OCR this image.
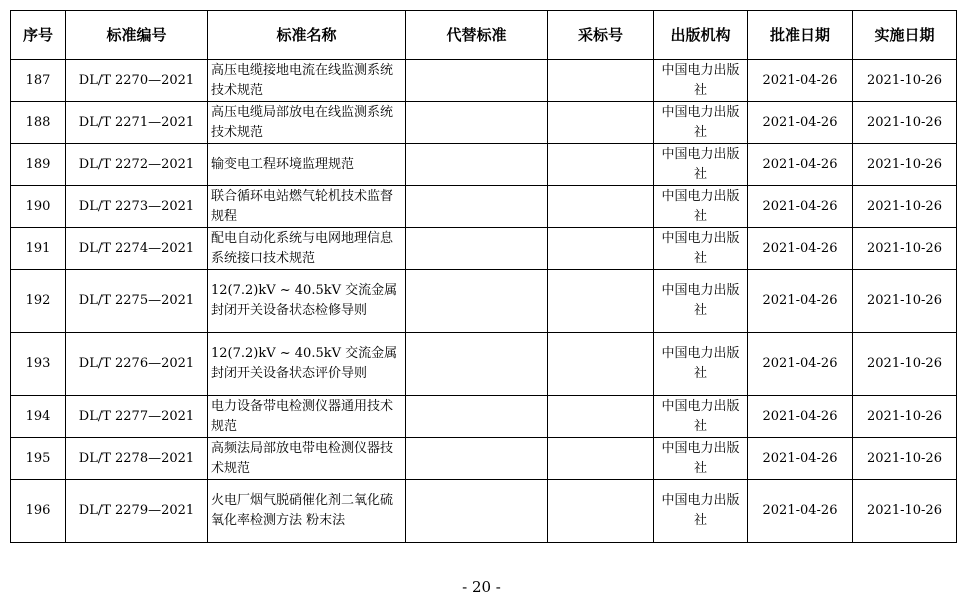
序号	标准编号	标准名称	代替标准	采标号	出版机构	批准日期	实施日期
187	DL/T 2270—2021	高压电缆接地电流在线监测系统技术规范			中国电力出版社	2021-04-26	2021-10-26
188	DL/T 2271—2021	高压电缆局部放电在线监测系统技术规范			中国电力出版社	2021-04-26	2021-10-26
189	DL/T 2272—2021	输变电工程环境监理规范			中国电力出版社	2021-04-26	2021-10-26
190	DL/T 2273—2021	联合循环电站燃气轮机技术监督规程			中国电力出版社	2021-04-26	2021-10-26
191	DL/T 2274—2021	配电自动化系统与电网地理信息系统接口技术规范			中国电力出版社	2021-04-26	2021-10-26
192	DL/T 2275—2021	12(7.2)kV ~ 40.5kV 交流金属封闭开关设备状态检修导则			中国电力出版社	2021-04-26	2021-10-26
193	DL/T 2276—2021	12(7.2)kV ~ 40.5kV 交流金属封闭开关设备状态评价导则			中国电力出版社	2021-04-26	2021-10-26
194	DL/T 2277—2021	电力设备带电检测仪器通用技术规范			中国电力出版社	2021-04-26	2021-10-26
195	DL/T 2278—2021	高频法局部放电带电检测仪器技术规范			中国电力出版社	2021-04-26	2021-10-26
196	DL/T 2279—2021	火电厂烟气脱硝催化剂二氧化硫氧化率检测方法 粉末法			中国电力出版社	2021-04-26	2021-10-26
- 20 -
